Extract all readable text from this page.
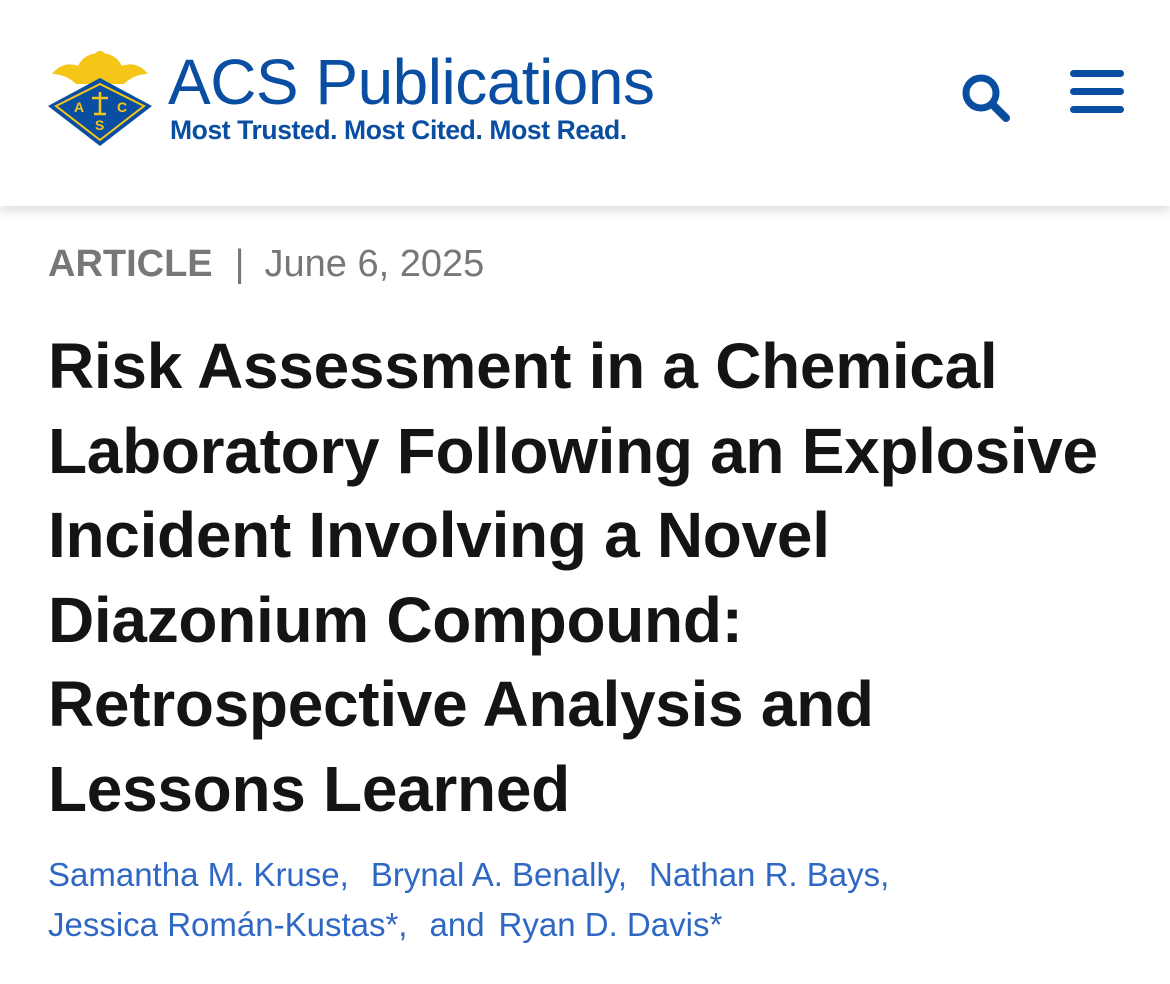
A C
S
ACS Publications
Most Trusted. Most Cited. Most Read.
ARTICLE | June 6, 2025
Risk Assessment in a Chemical Laboratory Following an Explosive Incident Involving a Novel Diazonium Compound: Retrospective Analysis and Lessons Learned
Samantha M. Kruse, Brynal A. Benally, Nathan R. Bays,
Jessica Román-Kustas*, and Ryan D. Davis*
